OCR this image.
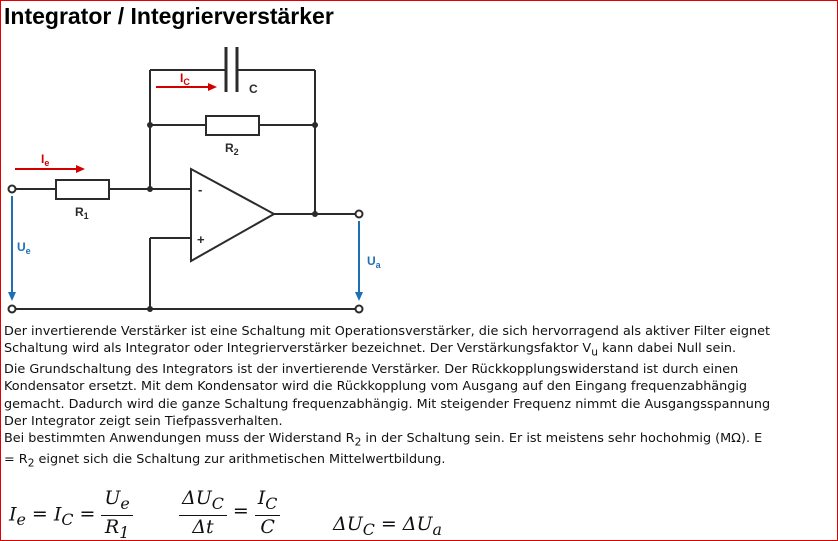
Integrator / Integrierverstärker
$I_C$	C
$R_2$
$I_e$
$R_1$
-
+
$U_e$
$U_a$
Der invertierende Verstärker ist eine Schaltung mit Operationsverstärker, die sich hervorragend als aktiver Filter eignet
Schaltung wird als Integrator oder Integrierverstärker bezeichnet. Der Verstärkungsfaktor $V_u$ kann dabei Null sein.
Die Grundschaltung des Integrators ist der invertierende Verstärker. Der Rückkopplungswiderstand ist durch einen
Kondensator ersetzt. Mit dem Kondensator wird die Rückkopplung vom Ausgang auf den Eingang frequenzabhängig
gemacht. Dadurch wird die ganze Schaltung frequenzabhängig. Mit steigender Frequenz nimmt die Ausgangsspannung
Der Integrator zeigt sein Tiefpassverhalten.
Bei bestimmten Anwendungen muss der Widerstand $R_2$ in der Schaltung sein. Er ist meistens sehr hochohmig (MΩ). E
= $R_2$ eignet sich die Schaltung zur arithmetischen Mittelwertbildung.
$I_e = I_C = \frac{U_e}{R_1} \frac{\Delta U_C}{\Delta t} = \frac{I_C}{C}$	$\Delta U_C = \Delta U_a$
